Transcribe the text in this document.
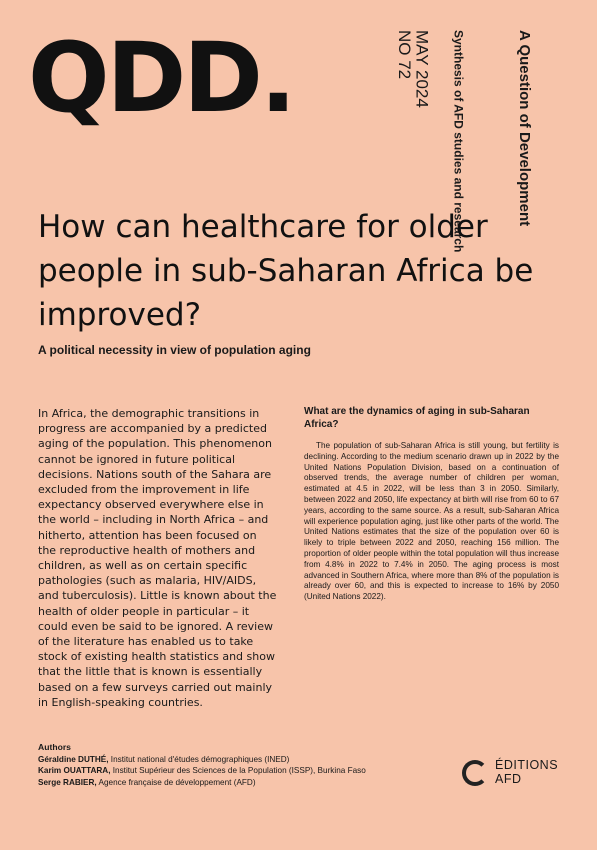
QDD.	A Question of Development
Synthesis of AFD studies and research
MAY 2024
NO 72
How can healthcare for older people in sub-Saharan Africa be improved?

A political necessity in view of population aging

In Africa, the demographic transitions in progress are accompanied by a predicted aging of the population. This phenomenon cannot be ignored in future political decisions. Nations south of the Sahara are excluded from the improvement in life expectancy observed everywhere else in the world – including in North Africa – and hitherto, attention has been focused on the reproductive health of mothers and children, as well as on certain specific pathologies (such as malaria, HIV/AIDS, and tuberculosis). Little is known about the health of older people in particular – it could even be said to be ignored. A review of the literature has enabled us to take stock of existing health statistics and show that the little that is known is essentially based on a few surveys carried out mainly in English-speaking countries.

What are the dynamics of aging in sub-Saharan Africa?

The population of sub-Saharan Africa is still young, but fertility is declining. According to the medium scenario drawn up in 2022 by the United Nations Population Division, based on a continuation of observed trends, the average number of children per woman, estimated at 4.5 in 2022, will be less than 3 in 2050. Similarly, between 2022 and 2050, life expectancy at birth will rise from 60 to 67 years, according to the same source. As a result, sub-Saharan Africa will experience population aging, just like other parts of the world. The United Nations estimates that the size of the population over 60 is likely to triple between 2022 and 2050, reaching 156 million. The proportion of older people within the total population will thus increase from 4.8% in 2022 to 7.4% in 2050. The aging process is most advanced in Southern Africa, where more than 8% of the population is already over 60, and this is expected to increase to 16% by 2050 (United Nations 2022).

Authors
Géraldine DUTHÉ, Institut national d'études démographiques (INED)
Karim OUATTARA, Institut Supérieur des Sciences de la Population (ISSP), Burkina Faso
Serge RABIER, Agence française de développement (AFD)
ÉDITIONS
AFD
